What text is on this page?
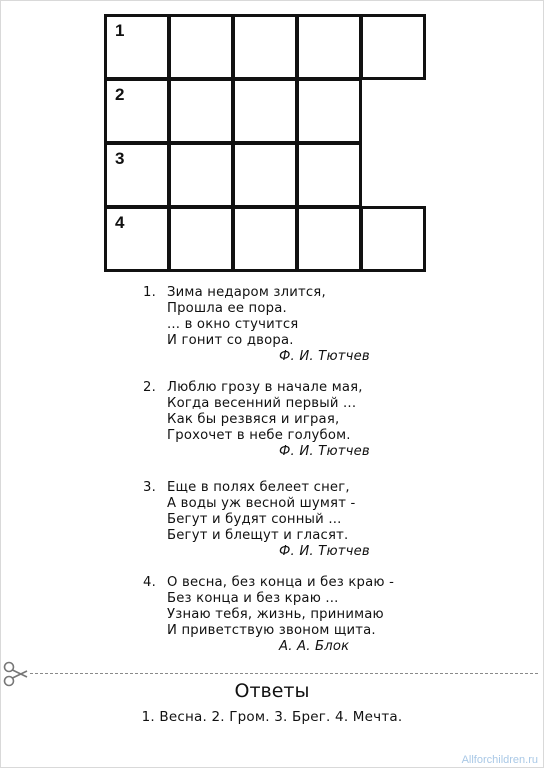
1
2
3
4
1. Зима недаром злится,
Прошла ее пора.
... в окно стучится
И гонит со двора.
Ф. И. Тютчев
2. Люблю грозу в начале мая,
Когда весенний первый ...
Как бы резвяся и играя,
Грохочет в небе голубом.
Ф. И. Тютчев
3. Еще в полях белеет снег,
А воды уж весной шумят -
Бегут и будят сонный ...
Бегут и блещут и гласят.
Ф. И. Тютчев
4. О весна, без конца и без краю -
Без конца и без краю ...
Узнаю тебя, жизнь, принимаю
И приветствую звоном щита.
А. А. Блок
Ответы
1. Весна. 2. Гром. 3. Брег. 4. Мечта.
Allforchildren.ru
